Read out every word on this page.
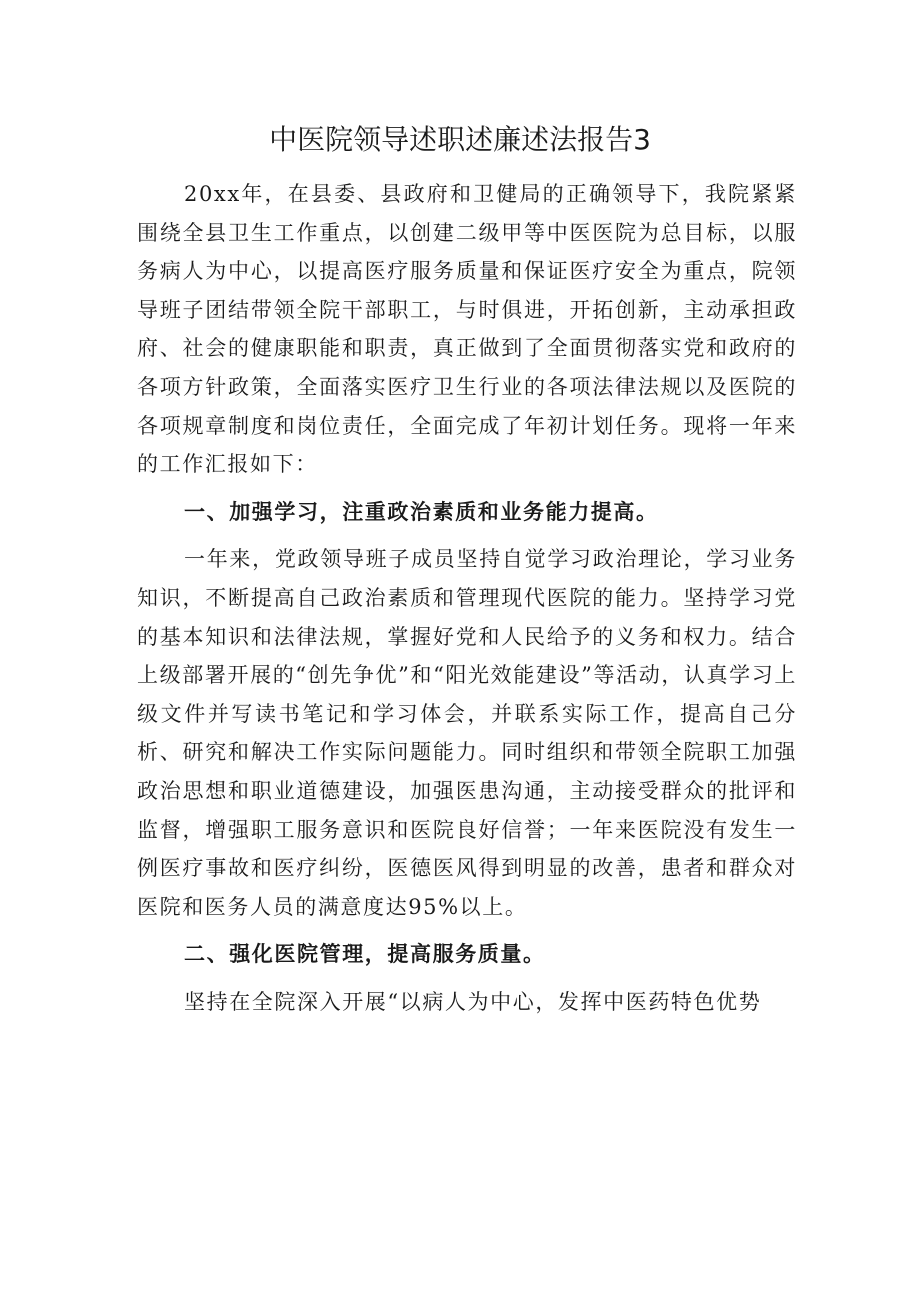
中医院领导述职述廉述法报告3

20xx年，在县委、县政府和卫健局的正确领导下，我院紧紧围绕全县卫生工作重点，以创建二级甲等中医医院为总目标，以服务病人为中心，以提高医疗服务质量和保证医疗安全为重点，院领导班子团结带领全院干部职工，与时俱进，开拓创新，主动承担政府、社会的健康职能和职责，真正做到了全面贯彻落实党和政府的各项方针政策，全面落实医疗卫生行业的各项法律法规以及医院的各项规章制度和岗位责任，全面完成了年初计划任务。现将一年来的工作汇报如下：

一、加强学习，注重政治素质和业务能力提高。

一年来，党政领导班子成员坚持自觉学习政治理论，学习业务知识，不断提高自己政治素质和管理现代医院的能力。坚持学习党的基本知识和法律法规，掌握好党和人民给予的义务和权力。结合上级部署开展的“创先争优”和“阳光效能建设”等活动，认真学习上级文件并写读书笔记和学习体会，并联系实际工作，提高自己分析、研究和解决工作实际问题能力。同时组织和带领全院职工加强政治思想和职业道德建设，加强医患沟通，主动接受群众的批评和监督，增强职工服务意识和医院良好信誉；一年来医院没有发生一例医疗事故和医疗纠纷，医德医风得到明显的改善，患者和群众对医院和医务人员的满意度达95%以上。

二、强化医院管理，提高服务质量。

坚持在全院深入开展“以病人为中心，发挥中医药特色优势
